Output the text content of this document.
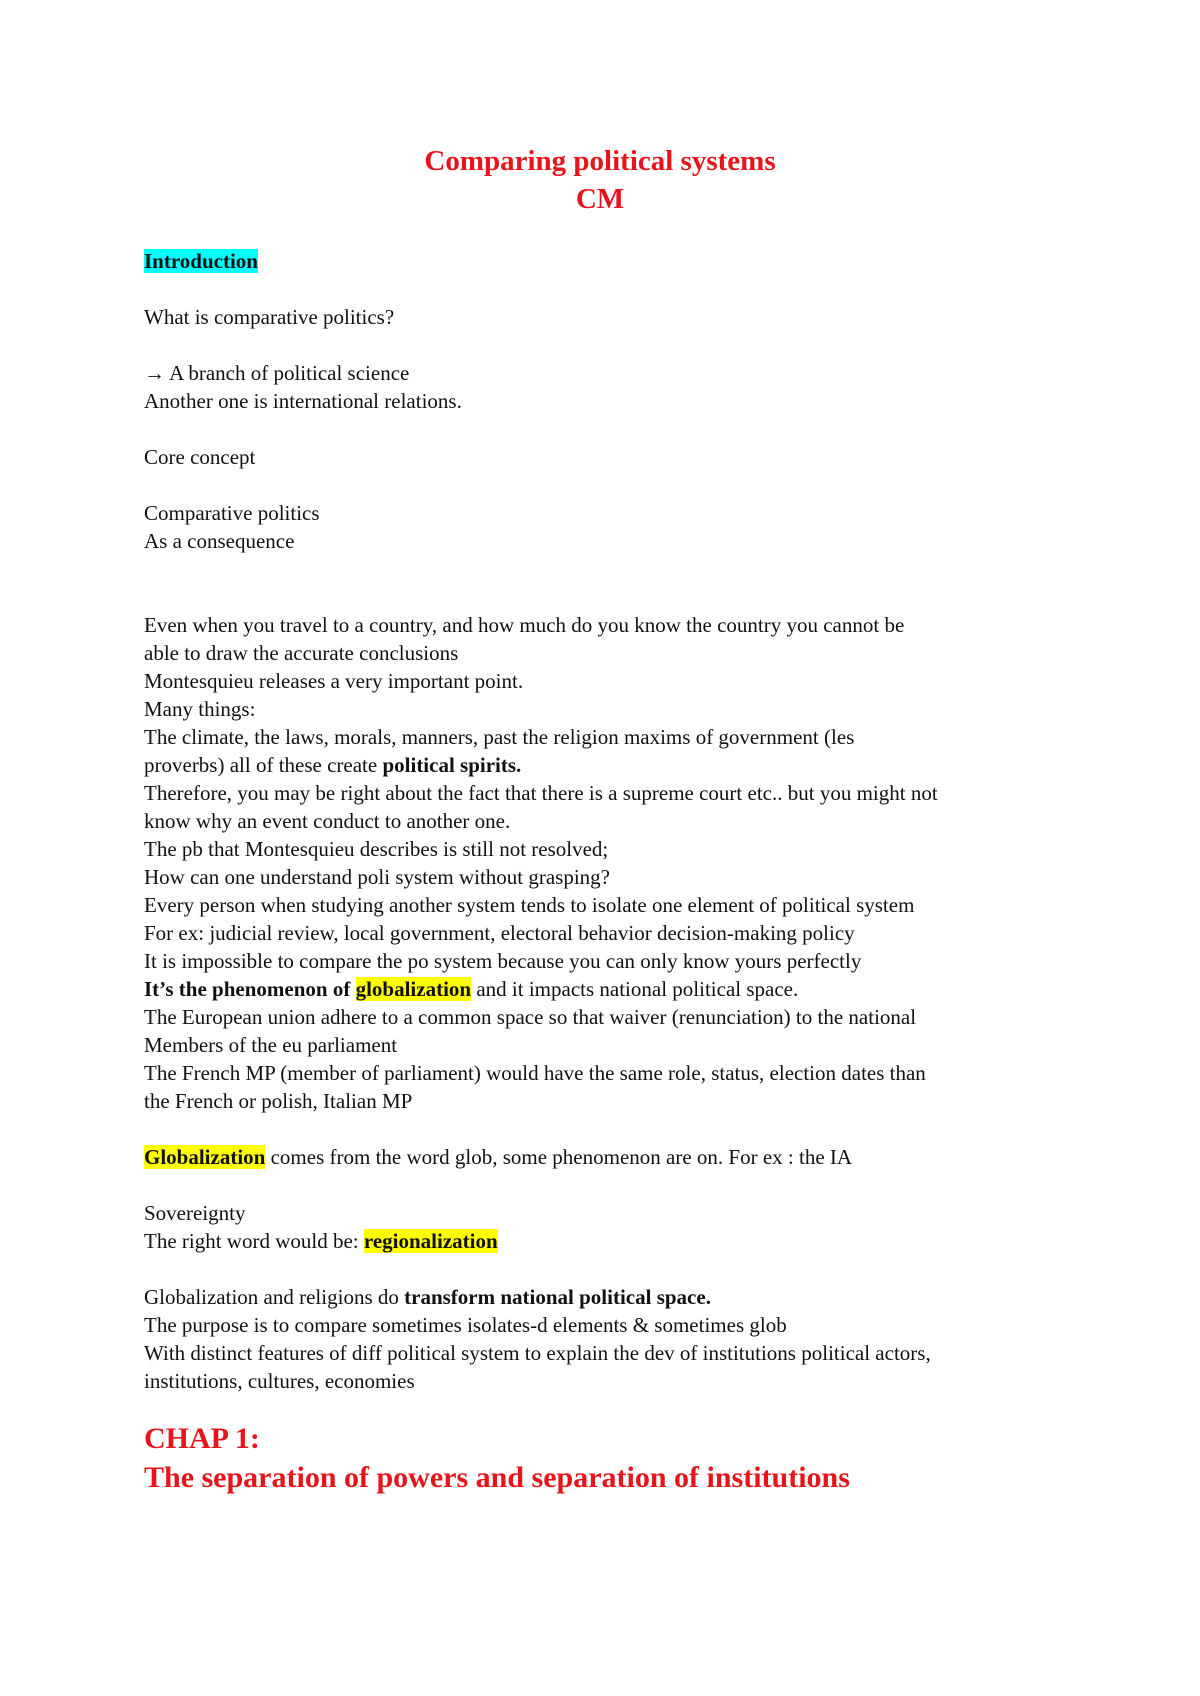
Comparing political systems
CM
Introduction
What is comparative politics?
→ A branch of political science
Another one is international relations.
Core concept
Comparative politics
As a consequence
Even when you travel to a country, and how much do you know the country you cannot be
able to draw the accurate conclusions
Montesquieu releases a very important point.
Many things:
The climate, the laws, morals, manners, past the religion maxims of government (les
proverbs) all of these create political spirits.
Therefore, you may be right about the fact that there is a supreme court etc.. but you might not
know why an event conduct to another one.
The pb that Montesquieu describes is still not resolved;
How can one understand poli system without grasping?
Every person when studying another system tends to isolate one element of political system
For ex: judicial review, local government, electoral behavior decision-making policy
It is impossible to compare the po system because you can only know yours perfectly
It’s the phenomenon of globalization and it impacts national political space.
The European union adhere to a common space so that waiver (renunciation) to the national
Members of the eu parliament
The French MP (member of parliament) would have the same role, status, election dates than
the French or polish, Italian MP
Globalization comes from the word glob, some phenomenon are on. For ex : the IA
Sovereignty
The right word would be: regionalization
Globalization and religions do transform national political space.
The purpose is to compare sometimes isolates-d elements & sometimes glob
With distinct features of diff political system to explain the dev of institutions political actors,
institutions, cultures, economies
CHAP 1:
The separation of powers and separation of institutions
